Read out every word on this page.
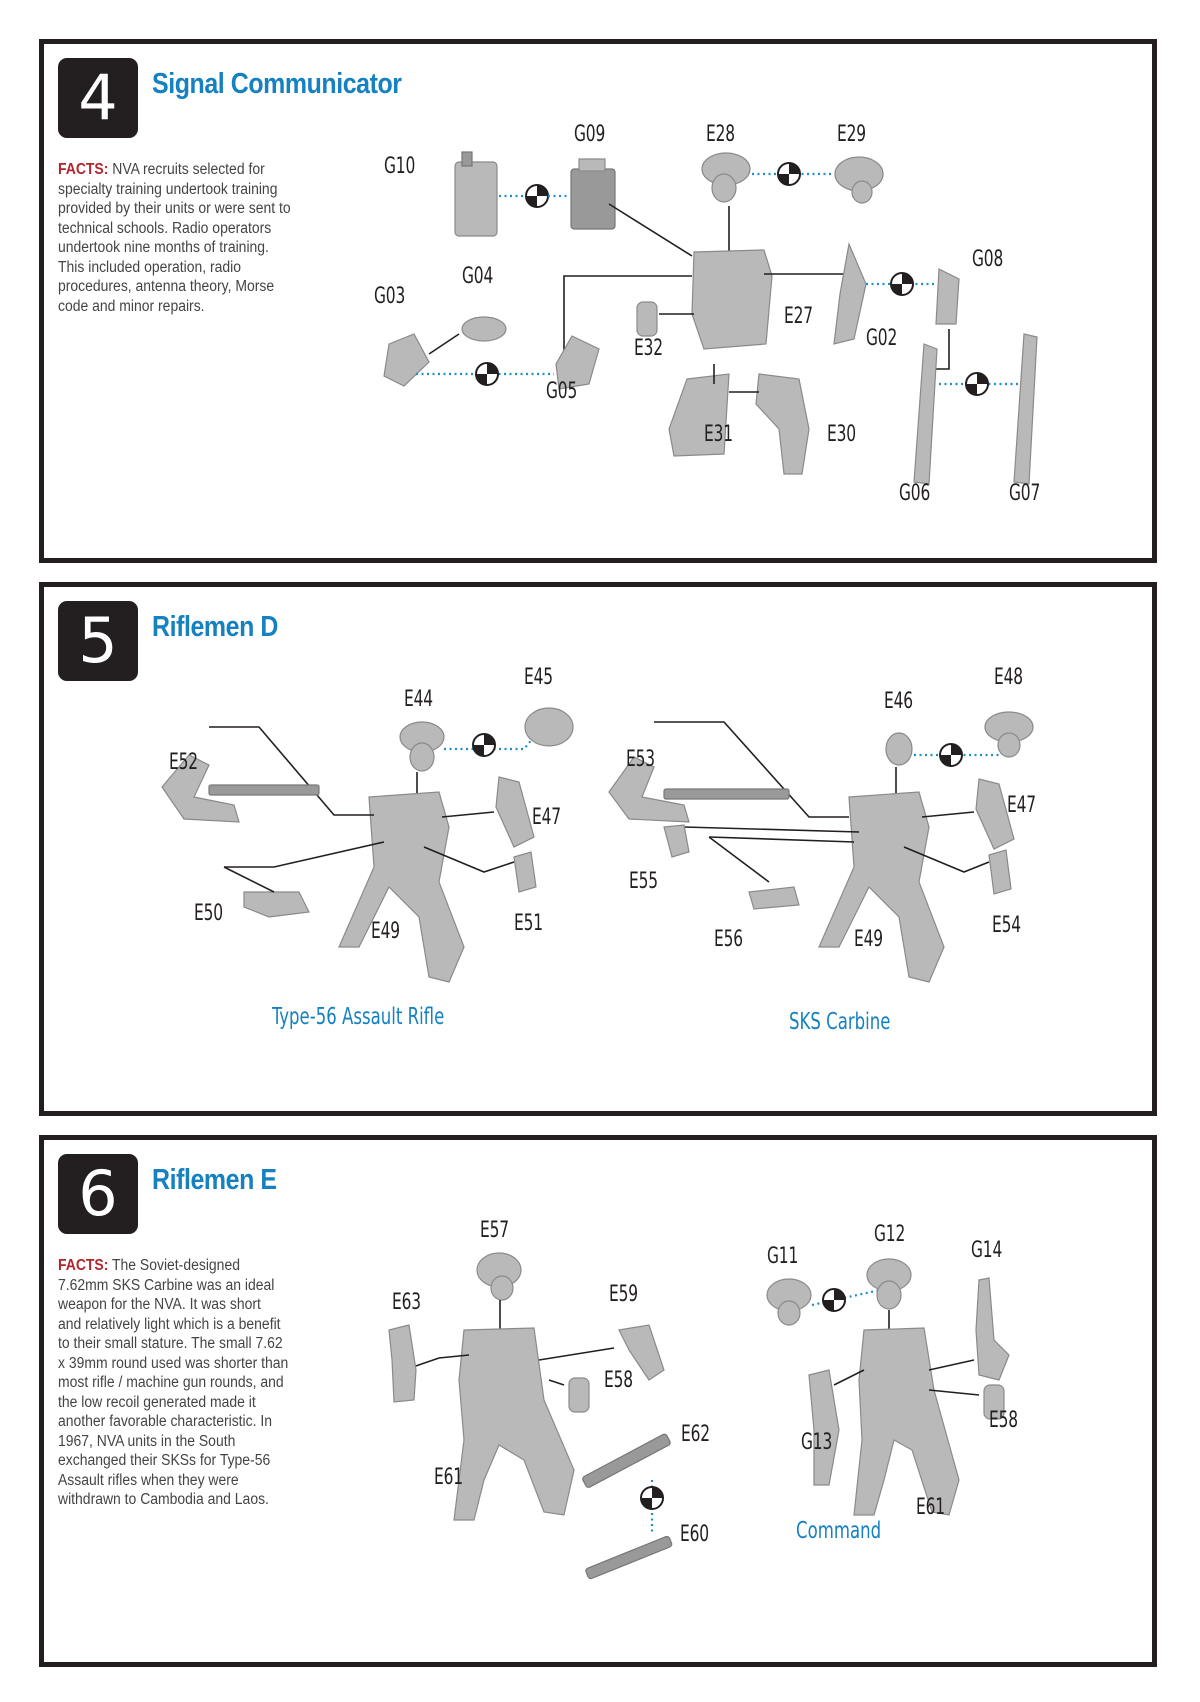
4	Signal Communicator
FACTS: NVA recruits selected for
specialty training undertook training
provided by their units or were sent to
technical schools. Radio operators
undertook nine months of training.
This included operation, radio
procedures, antenna theory, Morse
code and minor repairs.
G10
G09	E28	E29
G08
G04
G03
E27
E32	G02
G05
E31	E30
G06	G07
5	Riflemen D
E44
E45
E52
E47
E50
E49	E51
E46
E48
E53
E47
E55
E56	E49
E54
Type-56 Assault Rifle	SKS Carbine
6	Riflemen E
FACTS: The Soviet-designed
7.62mm SKS Carbine was an ideal
weapon for the NVA. It was short
and relatively light which is a benefit
to their small stature. The small 7.62
x 39mm round used was shorter than
most rifle / machine gun rounds, and
the low recoil generated made it
another favorable characteristic. In
1967, NVA units in the South
exchanged their SKSs for Type-56
Assault rifles when they were
withdrawn to Cambodia and Laos.
E57	G12
G11	G14
E63	E59
E58
E62	G13
E58
E61
E60
E61
Command
